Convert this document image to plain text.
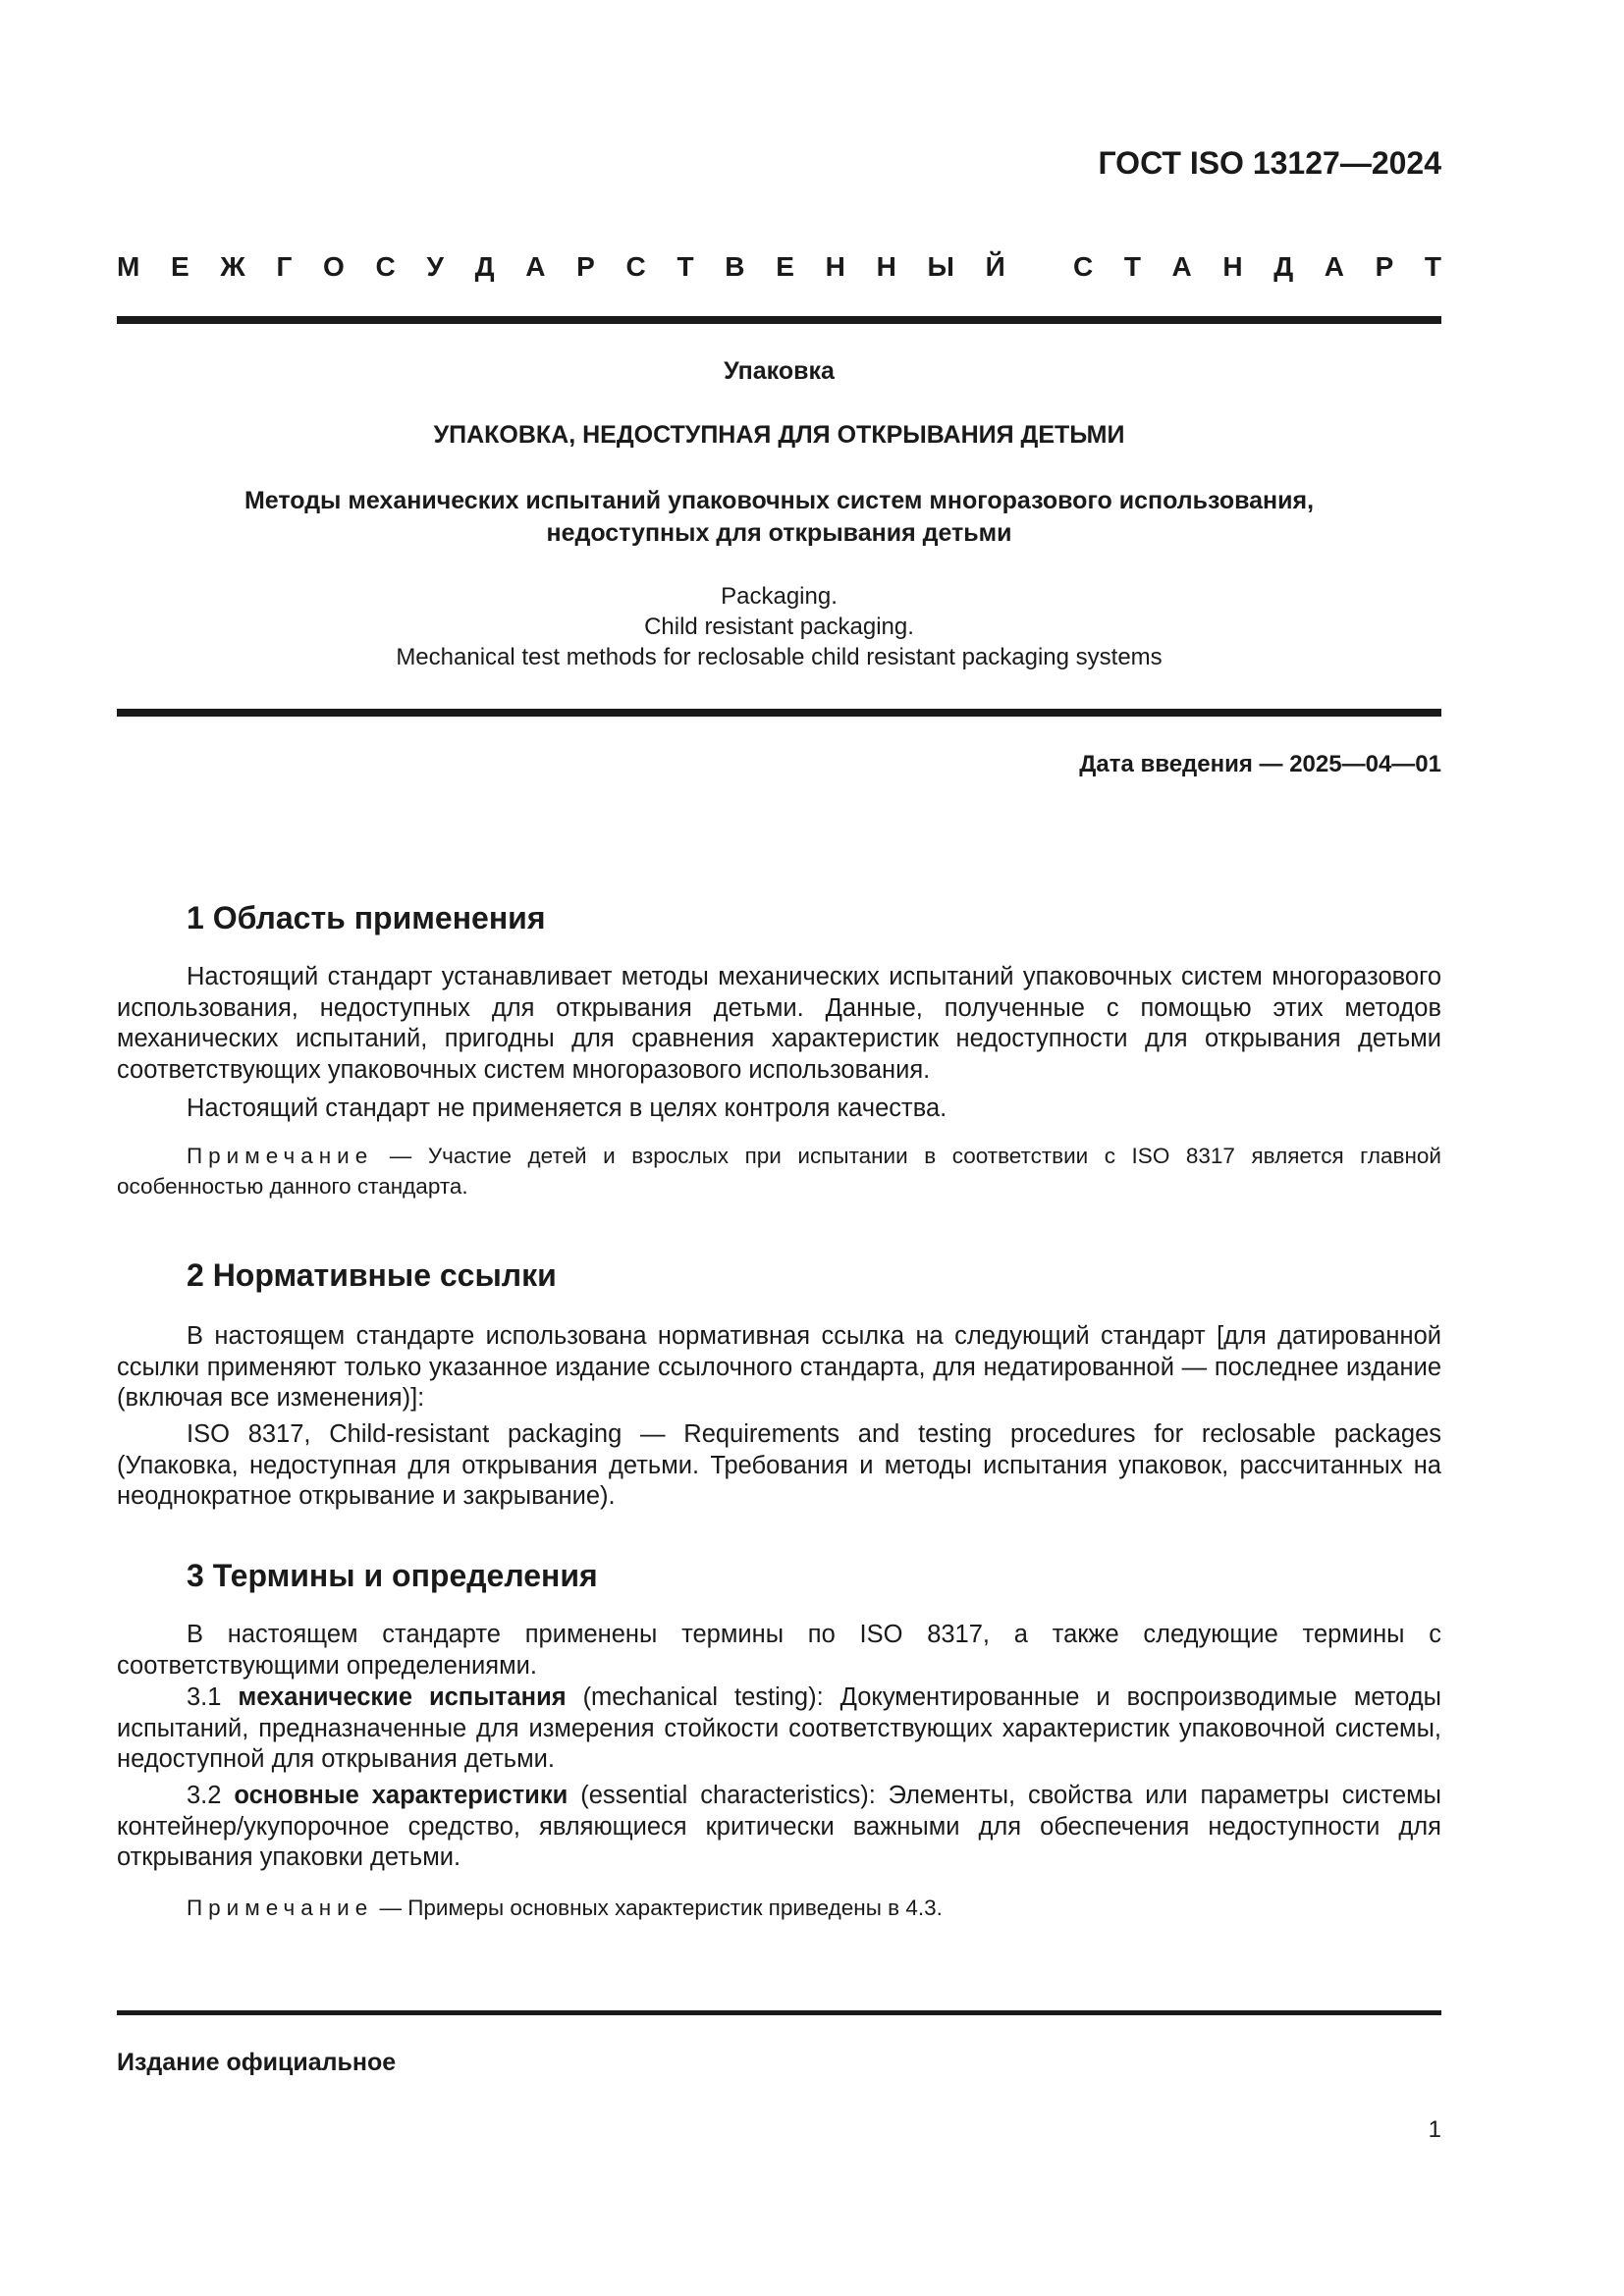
ГОСТ ISO 13127—2024
М Е Ж Г О С У Д А Р С Т В Е Н Н Ы Й С Т А Н Д А Р Т
Упаковка
УПАКОВКА, НЕДОСТУПНАЯ ДЛЯ ОТКРЫВАНИЯ ДЕТЬМИ
Методы механических испытаний упаковочных систем многоразового использования,
недоступных для открывания детьми
Packaging.
Child resistant packaging.
Mechanical test methods for reclosable child resistant packaging systems
Дата введения — 2025—04—01
1 Область применения
Настоящий стандарт устанавливает методы механических испытаний упаковочных систем многоразового использования, недоступных для открывания детьми. Данные, полученные с помощью этих методов механических испытаний, пригодны для сравнения характеристик недоступности для открывания детьми соответствующих упаковочных систем многоразового использования.
Настоящий стандарт не применяется в целях контроля качества.
Примечание — Участие детей и взрослых при испытании в соответствии с ISO 8317 является главной особенностью данного стандарта.
2 Нормативные ссылки
В настоящем стандарте использована нормативная ссылка на следующий стандарт [для датированной ссылки применяют только указанное издание ссылочного стандарта, для недатированной — последнее издание (включая все изменения)]:
ISO 8317, Child-resistant packaging — Requirements and testing procedures for reclosable packages (Упаковка, недоступная для открывания детьми. Требования и методы испытания упаковок, рассчитанных на неоднократное открывание и закрывание).
3 Термины и определения
В настоящем стандарте применены термины по ISO 8317, а также следующие термины с соответствующими определениями.
3.1 механические испытания (mechanical testing): Документированные и воспроизводимые методы испытаний, предназначенные для измерения стойкости соответствующих характеристик упаковочной системы, недоступной для открывания детьми.
3.2 основные характеристики (essential characteristics): Элементы, свойства или параметры системы контейнер/укупорочное средство, являющиеся критически важными для обеспечения недоступности для открывания упаковки детьми.
Примечание — Примеры основных характеристик приведены в 4.3.
Издание официальное
1
